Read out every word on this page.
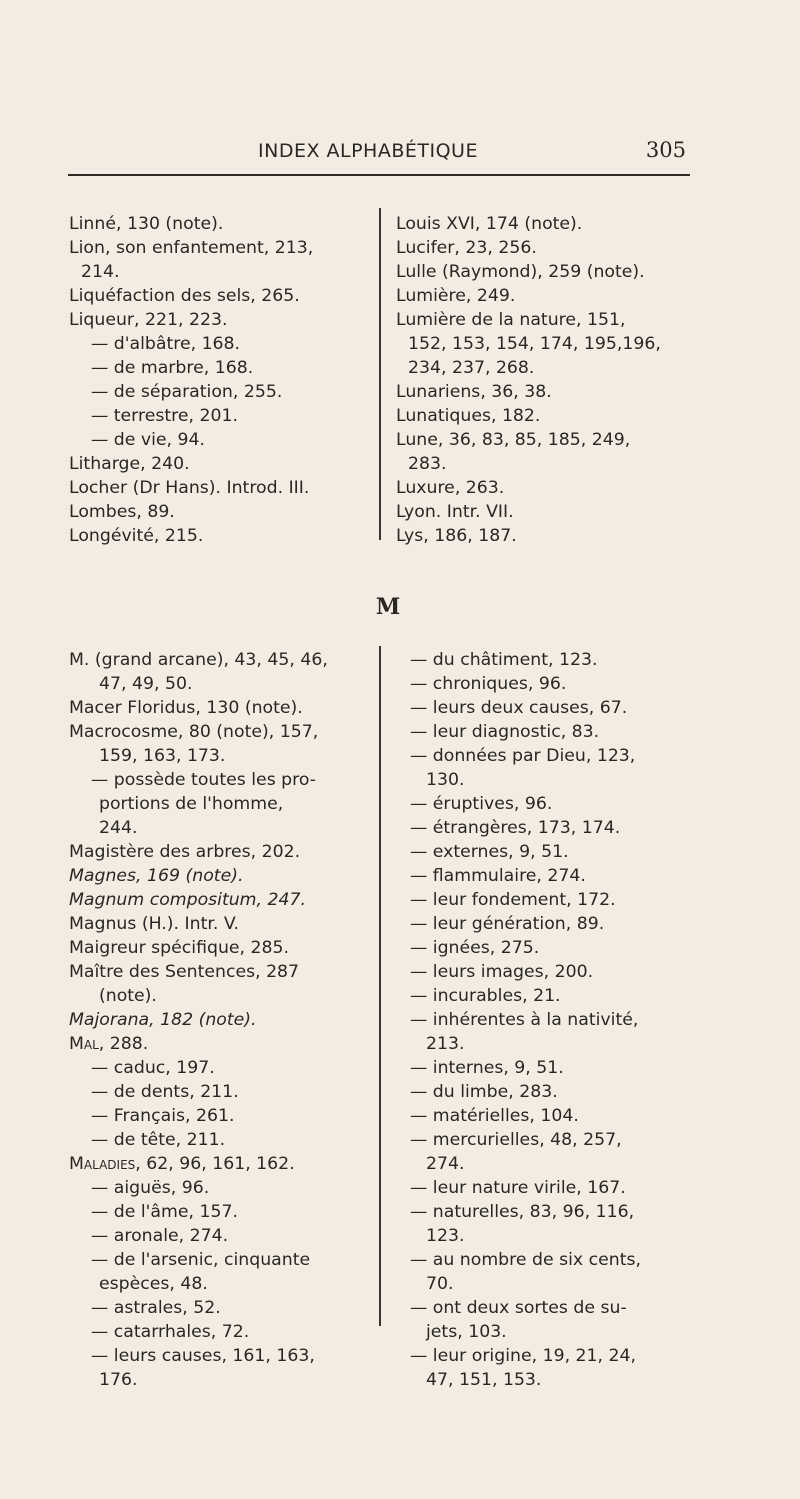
INDEX ALPHABÉTIQUE	305
Linné, 130 (note).
Lion, son enfantement, 213,
214.
Liquéfaction des sels, 265.
Liqueur, 221, 223.
— d'albâtre, 168.
— de marbre, 168.
— de séparation, 255.
— terrestre, 201.
— de vie, 94.
Litharge, 240.
Locher (Dr Hans). Introd. III.
Lombes, 89.
Longévité, 215.
Louis XVI, 174 (note).
Lucifer, 23, 256.
Lulle (Raymond), 259 (note).
Lumière, 249.
Lumière de la nature, 151,
152, 153, 154, 174, 195,196,
234, 237, 268.
Lunariens, 36, 38.
Lunatiques, 182.
Lune, 36, 83, 85, 185, 249,
283.
Luxure, 263.
Lyon. Intr. VII.
Lys, 186, 187.
M
M. (grand arcane), 43, 45, 46,
47, 49, 50.
Macer Floridus, 130 (note).
Macrocosme, 80 (note), 157,
159, 163, 173.
— possède toutes les pro-
portions de l'homme,
244.
Magistère des arbres, 202.
Magnes, 169 (note).
Magnum compositum, 247.
Magnus (H.). Intr. V.
Maigreur spécifique, 285.
Maître des Sentences, 287
(note).
Majorana, 182 (note).
Mal, 288.
— caduc, 197.
— de dents, 211.
— Français, 261.
— de tête, 211.
Maladies, 62, 96, 161, 162.
— aiguës, 96.
— de l'âme, 157.
— aronale, 274.
— de l'arsenic, cinquante
espèces, 48.
— astrales, 52.
— catarrhales, 72.
— leurs causes, 161, 163,
176.
— du châtiment, 123.
— chroniques, 96.
— leurs deux causes, 67.
— leur diagnostic, 83.
— données par Dieu, 123,
130.
— éruptives, 96.
— étrangères, 173, 174.
— externes, 9, 51.
— flammulaire, 274.
— leur fondement, 172.
— leur génération, 89.
— ignées, 275.
— leurs images, 200.
— incurables, 21.
— inhérentes à la nativité,
213.
— internes, 9, 51.
— du limbe, 283.
— matérielles, 104.
— mercurielles, 48, 257,
274.
— leur nature virile, 167.
— naturelles, 83, 96, 116,
123.
— au nombre de six cents,
70.
— ont deux sortes de su-
jets, 103.
— leur origine, 19, 21, 24,
47, 151, 153.
